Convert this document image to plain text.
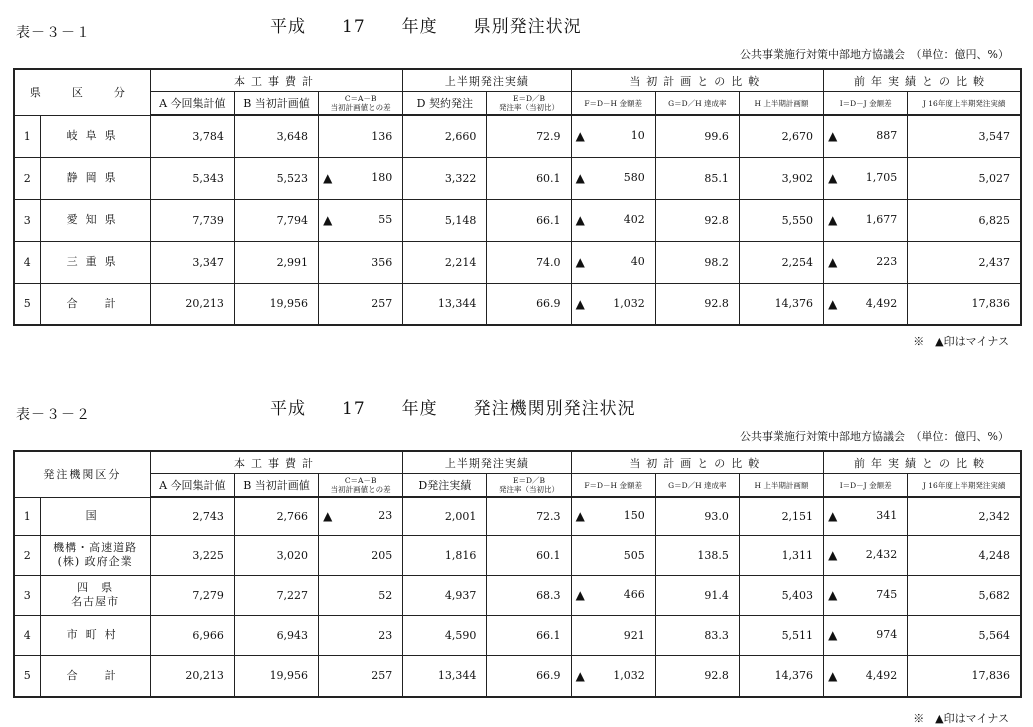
表－３－１	平成　　17　　年度　　県別発注状況
公共事業施行対策中部地方協議会　（単位：億円、%）
県　区　分		本工事費計			上半期発注実績		当初計画との比較			前年実績との比較	
		A 今回集計値	B 当初計画値	C＝A－B
当初計画値との差	D 契約発注	E＝D／B
発注率（当初比）	F＝D－H 金額差	G＝D／H 達成率	H 上半期計画額	I＝D－J 金額差	J 16年度上半期発注実績
1	岐阜県	3,784	3,648	136	2,660	72.9	▲ 10	99.6	2,670	▲ 887	3,547
2	静岡県	5,343	5,523	▲ 180	3,322	60.1	▲ 580	85.1	3,902	▲ 1,705	5,027
3	愛知県	7,739	7,794	▲ 55	5,148	66.1	▲ 402	92.8	5,550	▲ 1,677	6,825
4	三重県	3,347	2,991	356	2,214	74.0	▲ 40	98.2	2,254	▲ 223	2,437
5	合　計	20,213	19,956	257	13,344	66.9	▲ 1,032	92.8	14,376	▲ 4,492	17,836
※　▲印はマイナス
表－３－２	平成　　17　　年度　　発注機関別発注状況
公共事業施行対策中部地方協議会　（単位：億円、%）
発注機関区分		本工事費計			上半期発注実績		当初計画との比較			前年実績との比較	
		A 今回集計値	B 当初計画値	C＝A－B
当初計画値との差	D発注実績	E＝D／B
発注率（当初比）	F＝D－H 金額差	G＝D／H 達成率	H 上半期計画額	I＝D－J 金額差	J 16年度上半期発注実績
1	国	2,743	2,766	▲ 23	2,001	72.3	▲ 150	93.0	2,151	▲ 341	2,342
2	機構・高速道路
(株) 政府企業	3,225	3,020	205	1,816	60.1	505	138.5	1,311	▲ 2,432	4,248
3	四　県
名古屋市	7,279	7,227	52	4,937	68.3	▲ 466	91.4	5,403	▲ 745	5,682
4	市町村	6,966	6,943	23	4,590	66.1	921	83.3	5,511	▲ 974	5,564
5	合　計	20,213	19,956	257	13,344	66.9	▲ 1,032	92.8	14,376	▲ 4,492	17,836
※　▲印はマイナス
